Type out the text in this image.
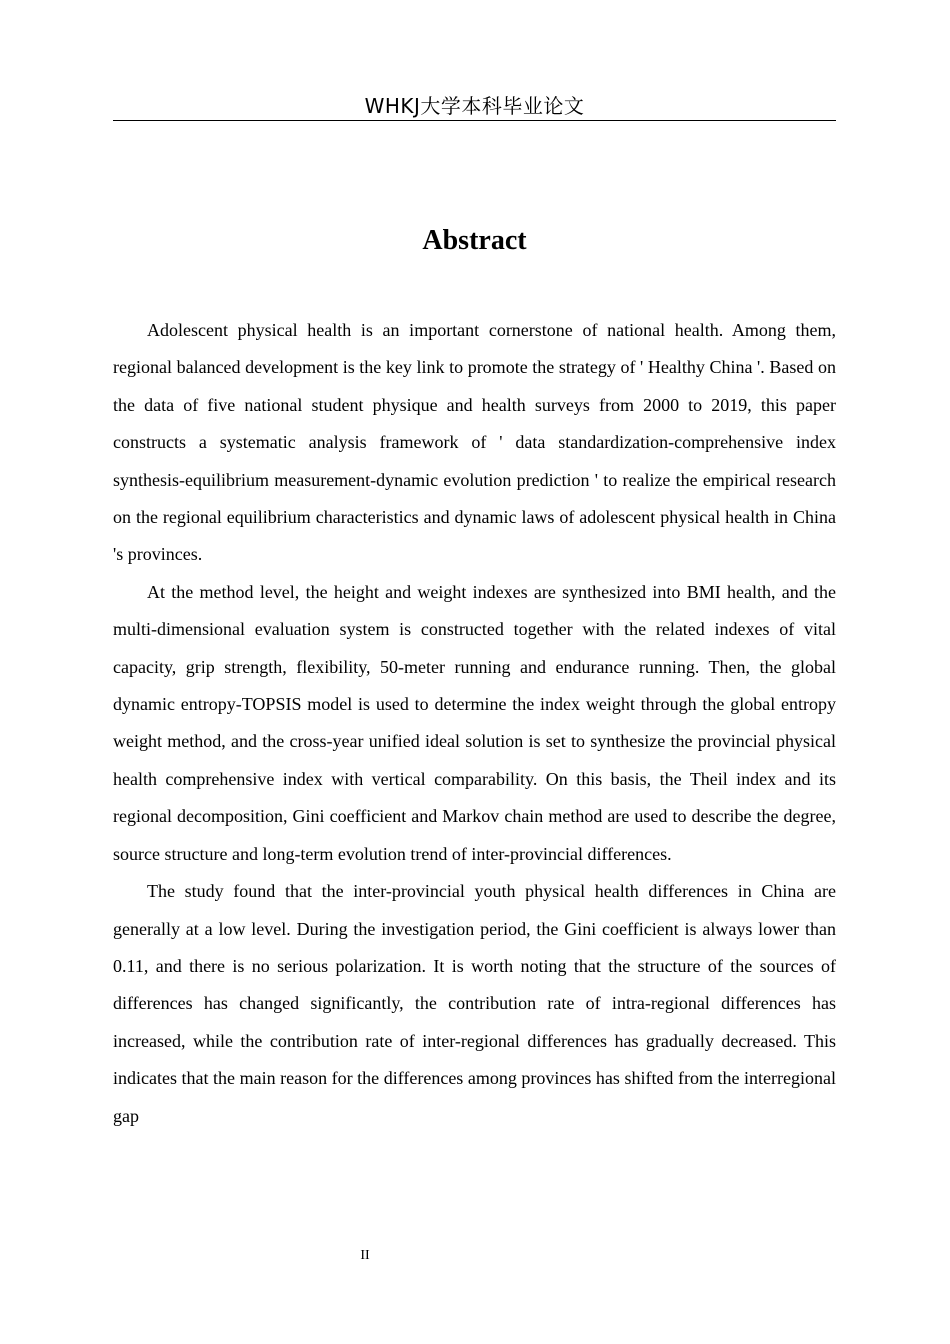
WHKJ大学本科毕业论文
Abstract

Adolescent physical health is an important cornerstone of national health. Among them, regional balanced development is the key link to promote the strategy of ' Healthy China '. Based on the data of five national student physique and health surveys from 2000 to 2019, this paper constructs a systematic analysis framework of ' data standardization-comprehensive index synthesis-equilibrium measurement-dynamic evolution prediction ' to realize the empirical research on the regional equilibrium characteristics and dynamic laws of adolescent physical health in China 's provinces.

At the method level, the height and weight indexes are synthesized into BMI health, and the multi-dimensional evaluation system is constructed together with the related indexes of vital capacity, grip strength, flexibility, 50-meter running and endurance running. Then, the global dynamic entropy-TOPSIS model is used to determine the index weight through the global entropy weight method, and the cross-year unified ideal solution is set to synthesize the provincial physical health comprehensive index with vertical comparability. On this basis, the Theil index and its regional decomposition, Gini coefficient and Markov chain method are used to describe the degree, source structure and long-term evolution trend of inter-provincial differences.

The study found that the inter-provincial youth physical health differences in China are generally at a low level. During the investigation period, the Gini coefficient is always lower than 0.11, and there is no serious polarization. It is worth noting that the structure of the sources of differences has changed significantly, the contribution rate of intra-regional differences has increased, while the contribution rate of inter-regional differences has gradually decreased. This indicates that the main reason for the differences among provinces has shifted from the interregional gap

II
